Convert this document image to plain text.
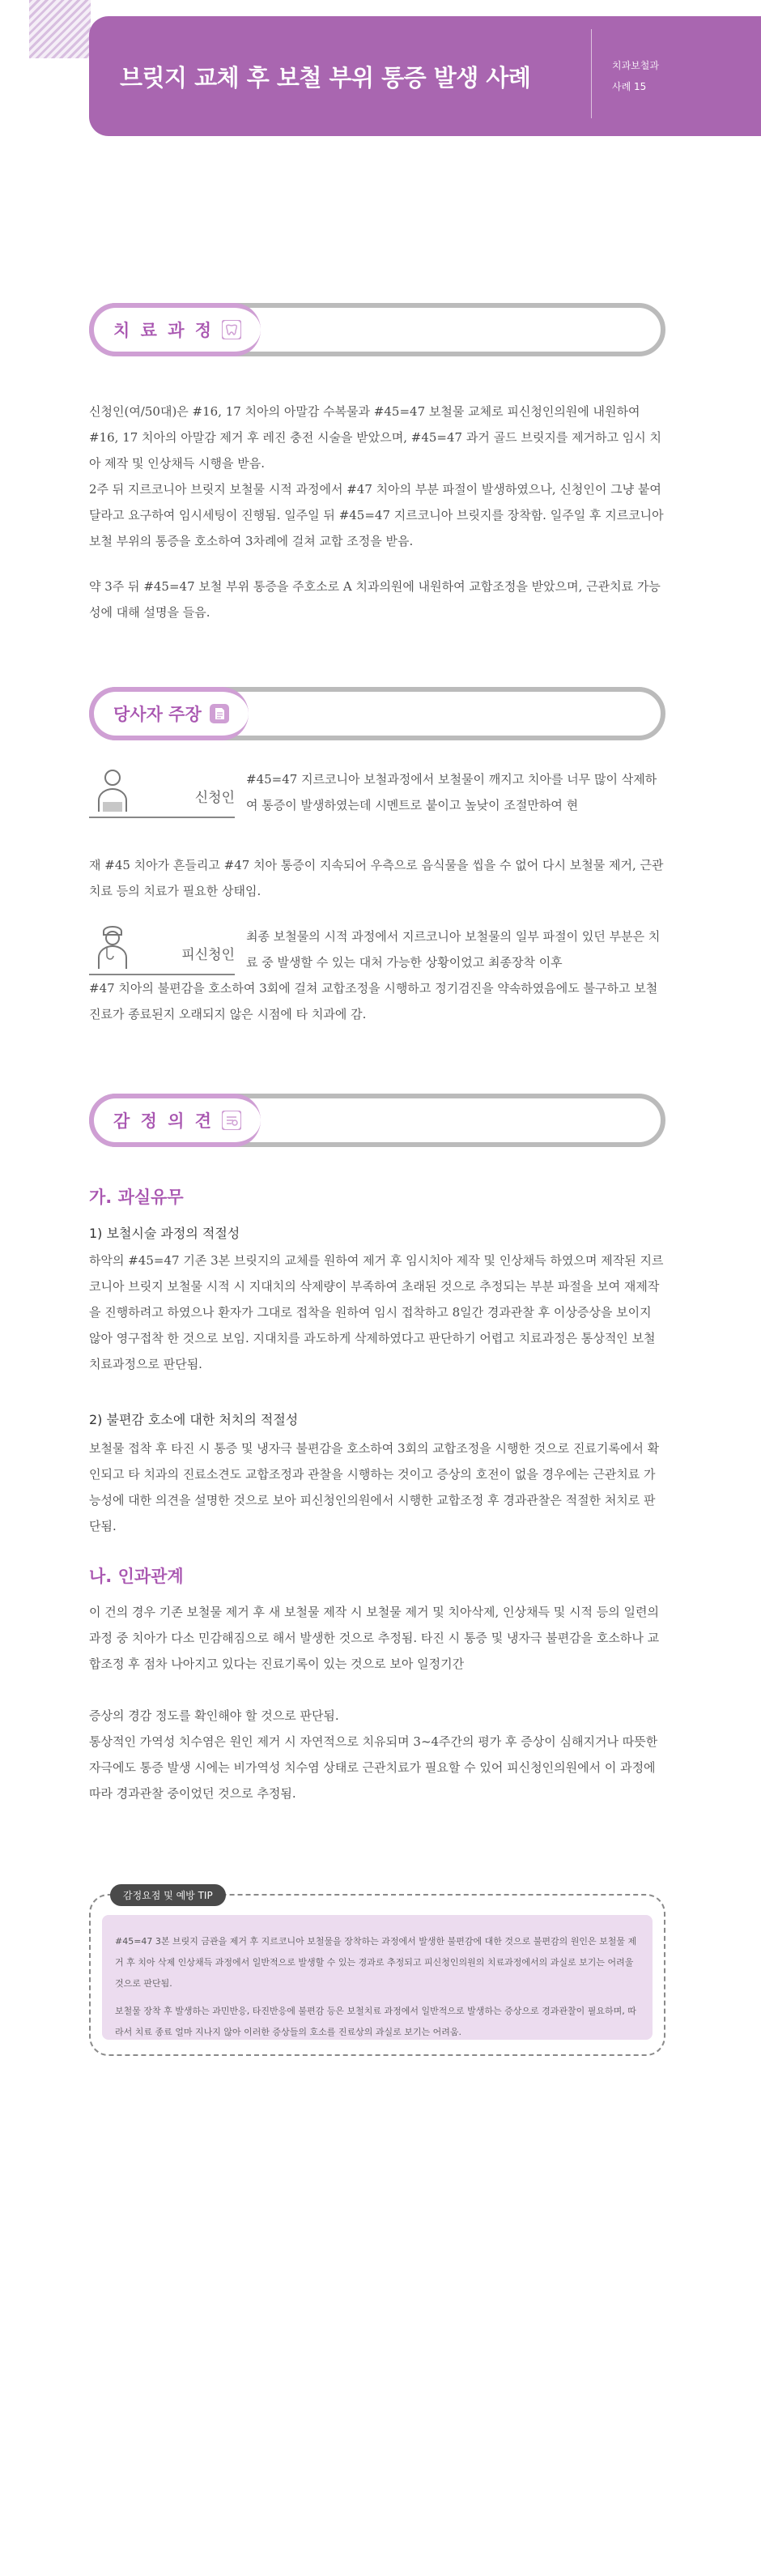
브릿지 교체 후 보철 부위 통증 발생 사례	치과보철과
사례 15
치 료 과 정

신청인(여/50대)은 #16, 17 치아의 아말감 수복물과 #45=47 보철물 교체로 피신청인의원에 내원하여 #16, 17 치아의 아말감 제거 후 레진 충전 시술을 받았으며, #45=47 과거 골드 브릿지를 제거하고 임시 치아 제작 및 인상채득 시행을 받음.

2주 뒤 지르코니아 브릿지 보철물 시적 과정에서 #47 치아의 부분 파절이 발생하였으나, 신청인이 그냥 붙여 달라고 요구하여 임시세팅이 진행됨. 일주일 뒤 #45=47 지르코니아 브릿지를 장착함. 일주일 후 지르코니아 보철 부위의 통증을 호소하여 3차례에 걸쳐 교합 조정을 받음.

약 3주 뒤 #45=47 보철 부위 통증을 주호소로 A 치과의원에 내원하여 교합조정을 받았으며, 근관치료 가능성에 대해 설명을 들음.

당사자 주장
신청인

#45=47 지르코니아 보철과정에서 보철물이 깨지고 치아를 너무 많이 삭제하여 통증이 발생하였는데 시멘트로 붙이고 높낮이 조절만하여 현

재 #45 치아가 흔들리고 #47 치아 통증이 지속되어 우측으로 음식물을 씹을 수 없어 다시 보철물 제거, 근관치료 등의 치료가 필요한 상태임.

피신청인

최종 보철물의 시적 과정에서 지르코니아 보철물의 일부 파절이 있던 부분은 치료 중 발생할 수 있는 대처 가능한 상황이었고 최종장착 이후

#47 치아의 불편감을 호소하여 3회에 걸쳐 교합조정을 시행하고 정기검진을 약속하였음에도 불구하고 보철 진료가 종료된지 오래되지 않은 시점에 타 치과에 감.

감 정 의 견
가. 과실유무
1) 보철시술 과정의 적절성

하악의 #45=47 기존 3본 브릿지의 교체를 원하여 제거 후 임시치아 제작 및 인상채득 하였으며 제작된 지르코니아 브릿지 보철물 시적 시 지대치의 삭제량이 부족하여 초래된 것으로 추정되는 부분 파절을 보여 재제작을 진행하려고 하였으나 환자가 그대로 접착을 원하여 임시 접착하고 8일간 경과관찰 후 이상증상을 보이지 않아 영구접착 한 것으로 보임. 지대치를 과도하게 삭제하였다고 판단하기 어렵고 치료과정은 통상적인 보철 치료과정으로 판단됨.

2) 불편감 호소에 대한 처치의 적절성

보철물 접착 후 타진 시 통증 및 냉자극 불편감을 호소하여 3회의 교합조정을 시행한 것으로 진료기록에서 확인되고 타 치과의 진료소견도 교합조정과 관찰을 시행하는 것이고 증상의 호전이 없을 경우에는 근관치료 가능성에 대한 의견을 설명한 것으로 보아 피신청인의원에서 시행한 교합조정 후 경과관찰은 적절한 처치로 판단됨.

나. 인과관계

이 건의 경우 기존 보철물 제거 후 새 보철물 제작 시 보철물 제거 및 치아삭제, 인상채득 및 시적 등의 일련의 과정 중 치아가 다소 민감해짐으로 해서 발생한 것으로 추정됨. 타진 시 통증 및 냉자극 불편감을 호소하나 교합조정 후 점차 나아지고 있다는 진료기록이 있는 것으로 보아 일정기간

증상의 경감 정도를 확인해야 할 것으로 판단됨.

통상적인 가역성 치수염은 원인 제거 시 자연적으로 치유되며 3~4주간의 평가 후 증상이 심해지거나 따뜻한 자극에도 통증 발생 시에는 비가역성 치수염 상태로 근관치료가 필요할 수 있어 피신청인의원에서 이 과정에 따라 경과관찰 중이었던 것으로 추정됨.

감정요점 및 예방 TIP

#45=47 3본 브릿지 금관을 제거 후 지르코니아 보철물을 장착하는 과정에서 발생한 불편감에 대한 것으로 불편감의 원인은 보철물 제거 후 치아 삭제 인상채득 과정에서 일반적으로 발생할 수 있는 경과로 추정되고 피신청인의원의 치료과정에서의 과실로 보기는 어려울 것으로 판단됨.

보철물 장착 후 발생하는 과민반응, 타진반응에 불편감 등은 보철치료 과정에서 일반적으로 발생하는 증상으로 경과관찰이 필요하며, 따라서 치료 종료 얼마 지나지 않아 이러한 증상들의 호소를 진료상의 과실로 보기는 어려움.
